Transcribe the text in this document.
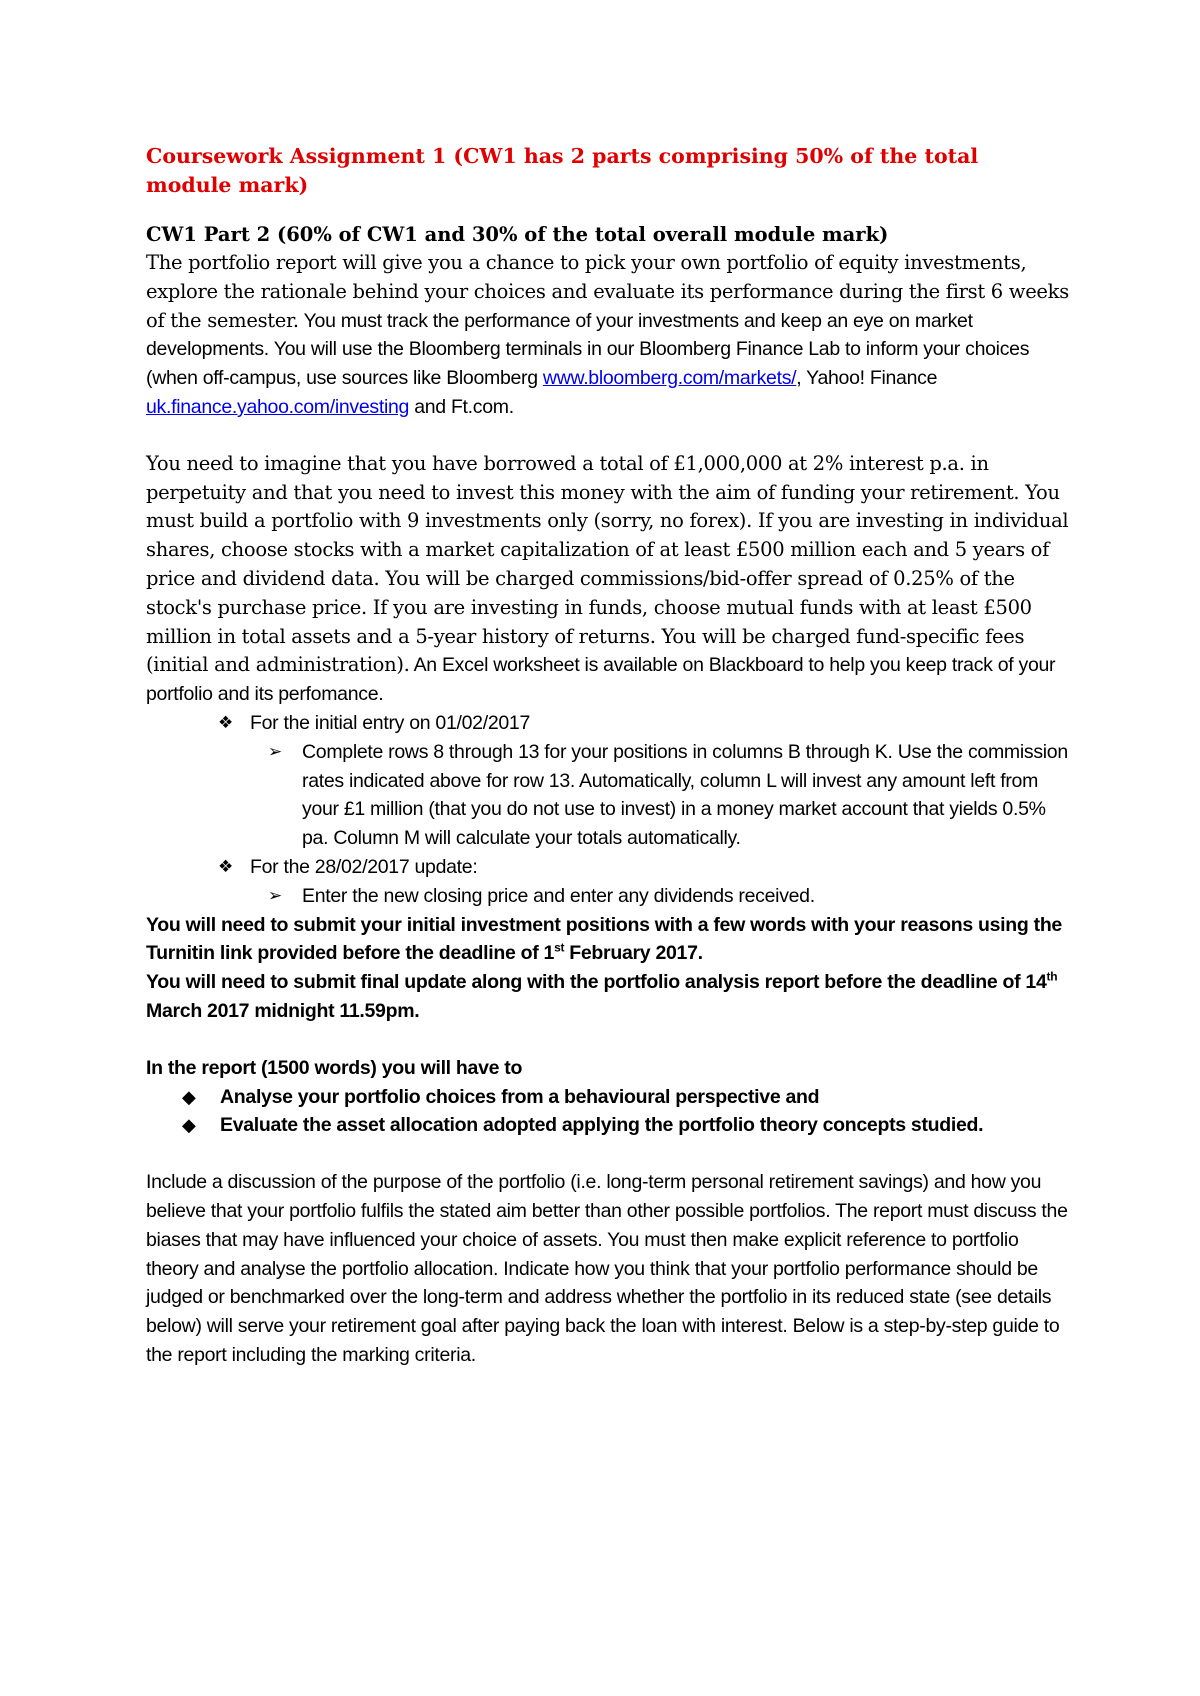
Coursework Assignment 1 (CW1 has 2 parts comprising 50% of the total module mark)

CW1 Part 2 (60% of CW1 and 30% of the total overall module mark)

The portfolio report will give you a chance to pick your own portfolio of equity investments, explore the rationale behind your choices and evaluate its performance during the first 6 weeks of the semester. You must track the performance of your investments and keep an eye on market developments. You will use the Bloomberg terminals in our Bloomberg Finance Lab to inform your choices (when off-campus, use sources like Bloomberg www.bloomberg.com/markets/, Yahoo! Finance uk.finance.yahoo.com/investing and Ft.com.

You need to imagine that you have borrowed a total of £1,000,000 at 2% interest p.a. in perpetuity and that you need to invest this money with the aim of funding your retirement. You must build a portfolio with 9 investments only (sorry, no forex). If you are investing in individual shares, choose stocks with a market capitalization of at least £500 million each and 5 years of price and dividend data. You will be charged commissions/bid-offer spread of 0.25% of the stock's purchase price. If you are investing in funds, choose mutual funds with at least £500 million in total assets and a 5-year history of returns. You will be charged fund-specific fees (initial and administration). An Excel worksheet is available on Blackboard to help you keep track of your portfolio and its perfomance.

❖ For the initial entry on 01/02/2017
➢ Complete rows 8 through 13 for your positions in columns B through K. Use the commission rates indicated above for row 13. Automatically, column L will invest any amount left from your £1 million (that you do not use to invest) in a money market account that yields 0.5% pa. Column M will calculate your totals automatically.
❖ For the 28/02/2017 update:
➢ Enter the new closing price and enter any dividends received.

You will need to submit your initial investment positions with a few words with your reasons using the Turnitin link provided before the deadline of 1st February 2017.

You will need to submit final update along with the portfolio analysis report before the deadline of 14th March 2017 midnight 11.59pm.

In the report (1500 words) you will have to

◆ Analyse your portfolio choices from a behavioural perspective and
◆ Evaluate the asset allocation adopted applying the portfolio theory concepts studied.

Include a discussion of the purpose of the portfolio (i.e. long-term personal retirement savings) and how you believe that your portfolio fulfils the stated aim better than other possible portfolios. The report must discuss the biases that may have influenced your choice of assets. You must then make explicit reference to portfolio theory and analyse the portfolio allocation. Indicate how you think that your portfolio performance should be judged or benchmarked over the long-term and address whether the portfolio in its reduced state (see details below) will serve your retirement goal after paying back the loan with interest. Below is a step-by-step guide to the report including the marking criteria.
